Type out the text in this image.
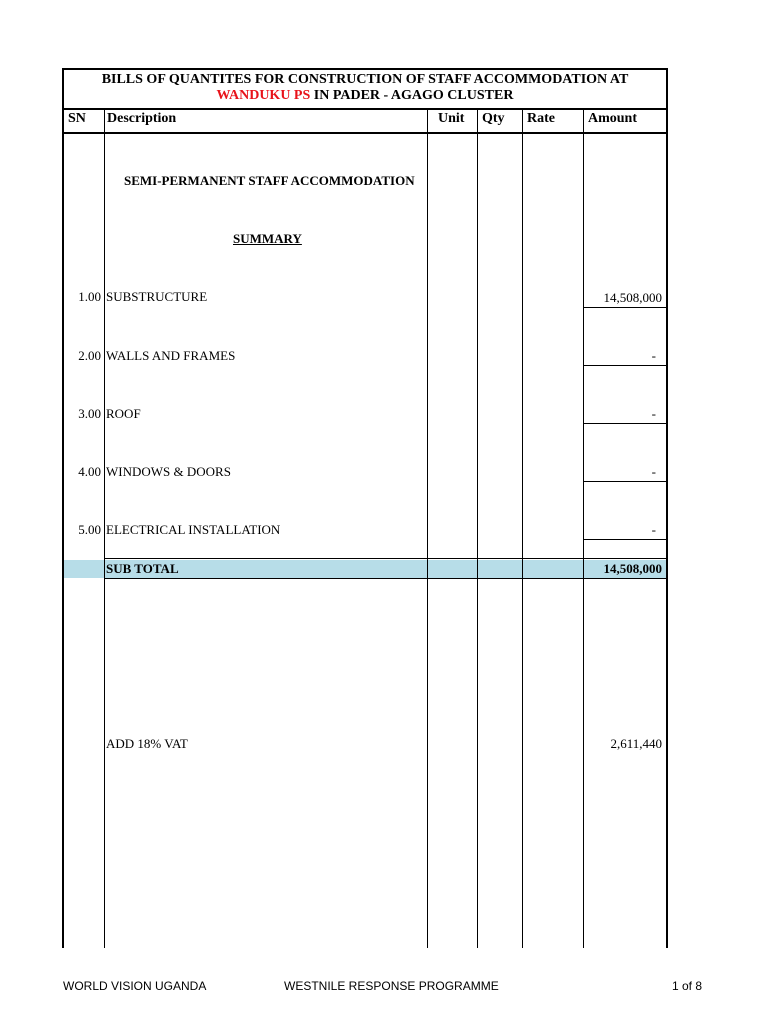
BILLS OF QUANTITES FOR CONSTRUCTION OF STAFF ACCOMMODATION AT
WANDUKU PS IN PADER - AGAGO CLUSTER
SN Description	Unit Qty Rate Amount
SEMI-PERMANENT STAFF ACCOMMODATION
SUMMARY
1.00 SUBSTRUCTURE	14,508,000
2.00 WALLS AND FRAMES	-
3.00 ROOF	-
4.00 WINDOWS & DOORS	-
5.00 ELECTRICAL INSTALLATION	-
SUB TOTAL	14,508,000
ADD 18% VAT	2,611,440
WORLD VISION UGANDA	WESTNILE RESPONSE PROGRAMME	1 of 8
